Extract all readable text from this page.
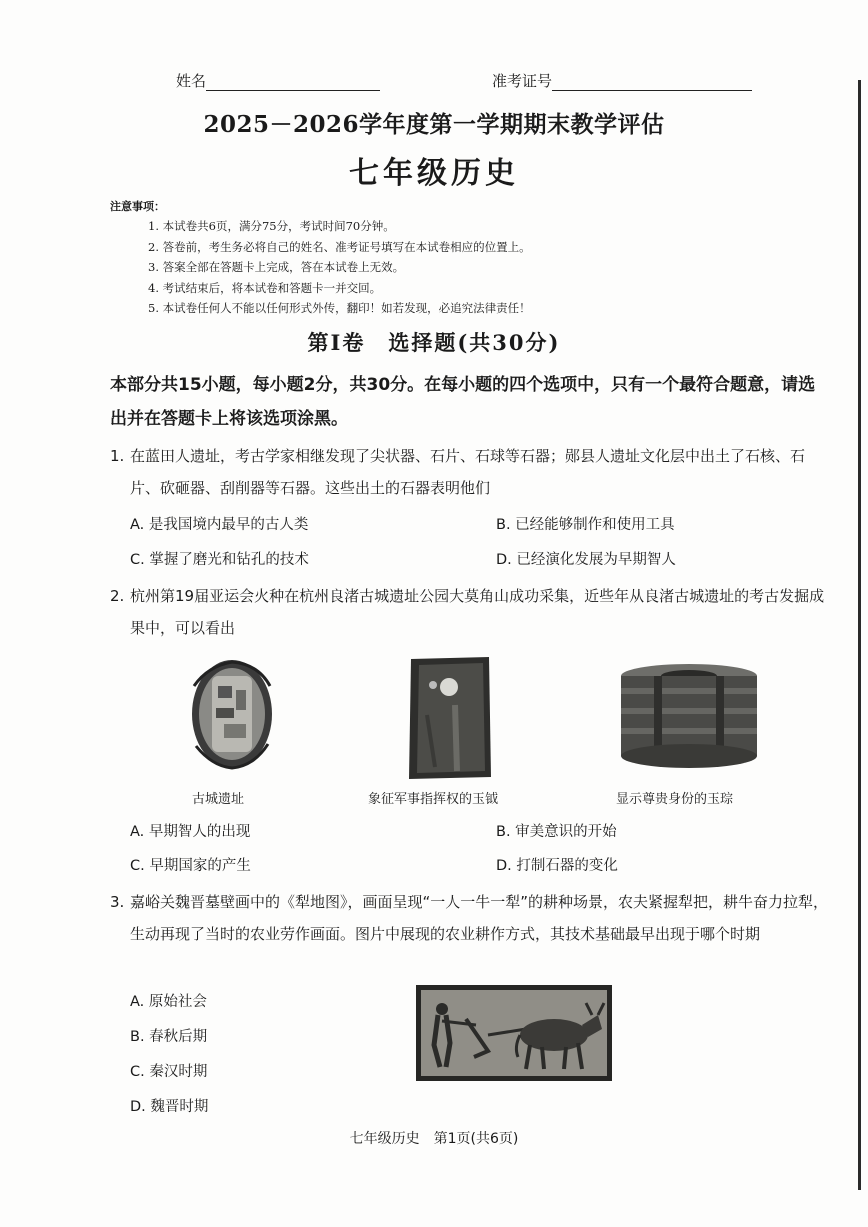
姓名	准考证号
2025－2026学年度第一学期期末教学评估
七年级历史
注意事项：
1. 本试卷共6页，满分75分，考试时间70分钟。
2. 答卷前，考生务必将自己的姓名、准考证号填写在本试卷相应的位置上。
3. 答案全部在答题卡上完成，答在本试卷上无效。
4. 考试结束后，将本试卷和答题卡一并交回。
5. 本试卷任何人不能以任何形式外传，翻印！如若发现，必追究法律责任！
第Ⅰ卷　选择题(共30分)
本部分共15小题，每小题2分，共30分。在每小题的四个选项中，只有一个最符合题意，请选出并在答题卡上将该选项涂黑。
1. 在蓝田人遗址，考古学家相继发现了尖状器、石片、石球等石器；郧县人遗址文化层中出土了石核、石片、砍砸器、刮削器等石器。这些出土的石器表明他们
A. 是我国境内最早的古人类	B. 已经能够制作和使用工具
C. 掌握了磨光和钻孔的技术	D. 已经演化发展为早期智人
2. 杭州第19届亚运会火种在杭州良渚古城遗址公园大莫角山成功采集，近些年从良渚古城遗址的考古发掘成果中，可以看出
古城遗址	象征军事指挥权的玉钺	显示尊贵身份的玉琮
A. 早期智人的出现	B. 审美意识的开始
C. 早期国家的产生	D. 打制石器的变化
3. 嘉峪关魏晋墓壁画中的《犁地图》，画面呈现“一人一牛一犁”的耕种场景，农夫紧握犁把，耕牛奋力拉犁，生动再现了当时的农业劳作画面。图片中展现的农业耕作方式，其技术基础最早出现于哪个时期
A. 原始社会
B. 春秋后期
C. 秦汉时期
D. 魏晋时期
七年级历史　第1页(共6页)
